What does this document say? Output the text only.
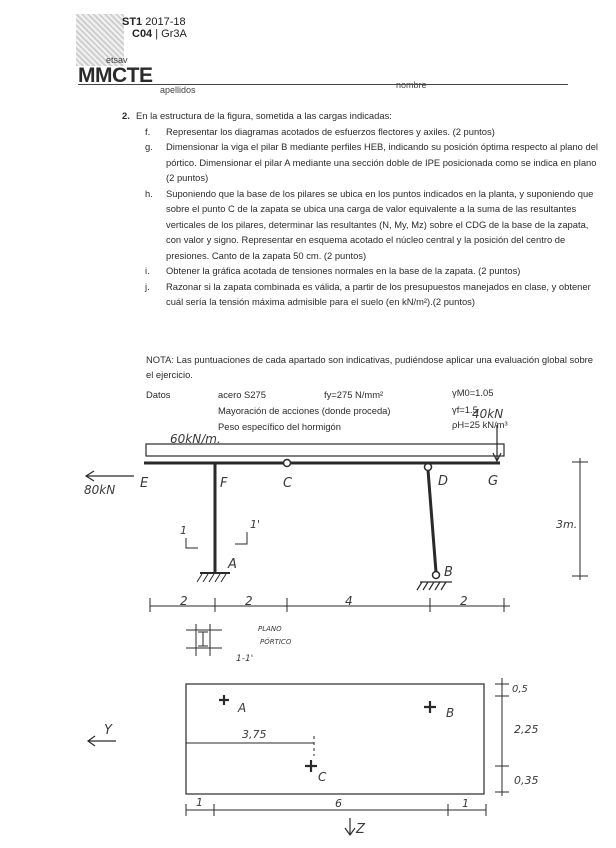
ST1 2017-18
C04 | Gr3A
etsav
MMCTE
apellidos	nombre
2. En la estructura de la figura, sometida a las cargas indicadas:
f. Representar los diagramas acotados de esfuerzos flectores y axiles. (2 puntos)
g. Dimensionar la viga el pilar B mediante perfiles HEB, indicando su posición óptima respecto al plano del pórtico. Dimensionar el pilar A mediante una sección doble de IPE posicionada como se indica en plano (2 puntos)
h. Suponiendo que la base de los pilares se ubica en los puntos indicados en la planta, y suponiendo que sobre el punto C de la zapata se ubica una carga de valor equivalente a la suma de las resultantes verticales de los pilares, determinar las resultantes (N, My, Mz) sobre el CDG de la base de la zapata, con valor y signo. Representar en esquema acotado el núcleo central y la posición del centro de presiones. Canto de la zapata 50 cm. (2 puntos)
i. Obtener la gráfica acotada de tensiones normales en la base de la zapata. (2 puntos)
j. Razonar si la zapata combinada es válida, a partir de los presupuestos manejados en clase, y obtener cuál sería la tensión máxima admisible para el suelo (en kN/m²).(2 puntos)
NOTA: Las puntuaciones de cada apartado son indicativas, pudiéndose aplicar una evaluación global sobre el ejercicio.
Datos	acero S275	fy=275 N/mm²	γM0=1.05
Mayoración de acciones (donde proceda)	γf=1.5
Peso específico del hormigón	ρH=25 kN/m³
60kN/m.
40kN
80kN E	F	C	D	G
A
B
1	1'	3m.
2	2	4	2
PLANO
PÓRTICO
1-1'
A	B
C
3,75
0,5
2,25
0,35
1	6	1
Y
Z
